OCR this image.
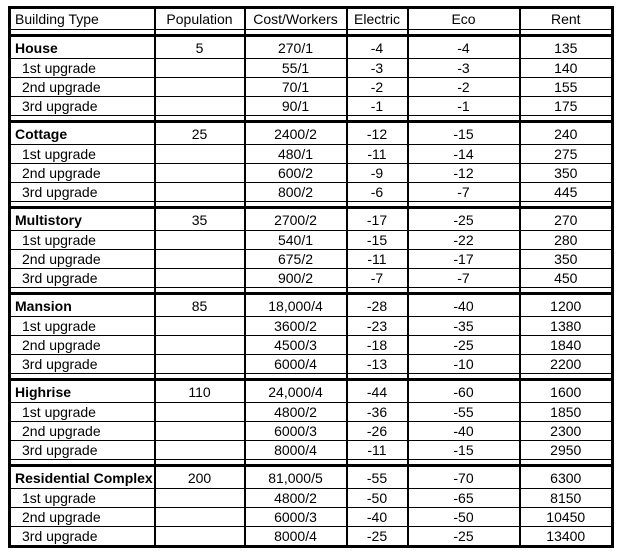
Building Type	Population	Cost/Workers	Electric	Eco	Rent

House	5	270/1	-4	-4	135
1st upgrade		55/1	-3	-3	140
2nd upgrade		70/1	-2	-2	155
3rd upgrade		90/1	-1	-1	175

Cottage	25	2400/2	-12	-15	240
1st upgrade		480/1	-11	-14	275
2nd upgrade		600/2	-9	-12	350
3rd upgrade		800/2	-6	-7	445

Multistory	35	2700/2	-17	-25	270
1st upgrade		540/1	-15	-22	280
2nd upgrade		675/2	-11	-17	350
3rd upgrade		900/2	-7	-7	450

Mansion	85	18,000/4	-28	-40	1200
1st upgrade		3600/2	-23	-35	1380
2nd upgrade		4500/3	-18	-25	1840
3rd upgrade		6000/4	-13	-10	2200

Highrise	110	24,000/4	-44	-60	1600
1st upgrade		4800/2	-36	-55	1850
2nd upgrade		6000/3	-26	-40	2300
3rd upgrade		8000/4	-11	-15	2950

Residential Complex	200	81,000/5	-55	-70	6300
1st upgrade		4800/2	-50	-65	8150
2nd upgrade		6000/3	-40	-50	10450
3rd upgrade		8000/4	-25	-25	13400
